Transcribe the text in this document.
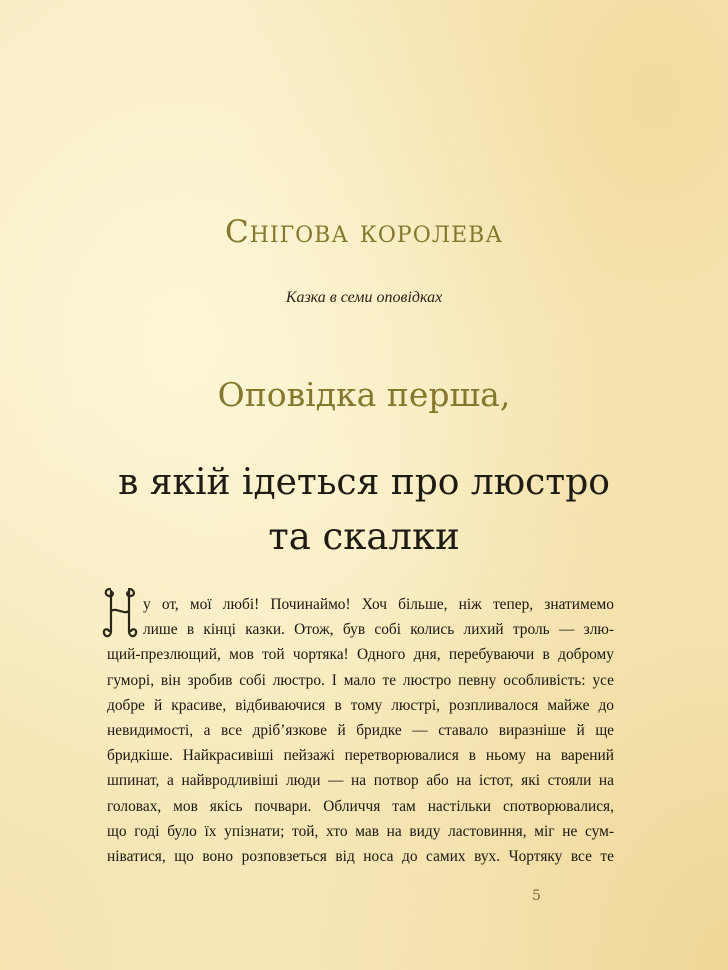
Снігова королева
Казка в семи оповідках
Оповідка перша,
в якій ідеться про люстро
та скалки
Н
у от, мої любі! Починаймо! Хоч більше, ніж тепер, знатимемо
лише в кінці казки. Отож, був собі колись лихий троль — злю-
щий-презлющий, мов той чортяка! Одного дня, перебуваючи в доброму
гуморі, він зробив собі люстро. І мало те люстро певну особливість: усе
добре й красиве, відбиваючися в тому люстрі, розпливалося майже до
невидимості, а все дріб’язкове й бридке — ставало виразніше й ще
бридкіше. Найкрасивіші пейзажі перетворювалися в ньому на варений
шпинат, а найвродливіші люди — на потвор або на істот, які стояли на
головах, мов якісь почвари. Обличчя там настільки спотворювалися,
що годі було їх упізнати; той, хто мав на виду ластовиння, міг не сум-
ніватися, що воно розповзеться від носа до самих вух. Чортяку все те
5
